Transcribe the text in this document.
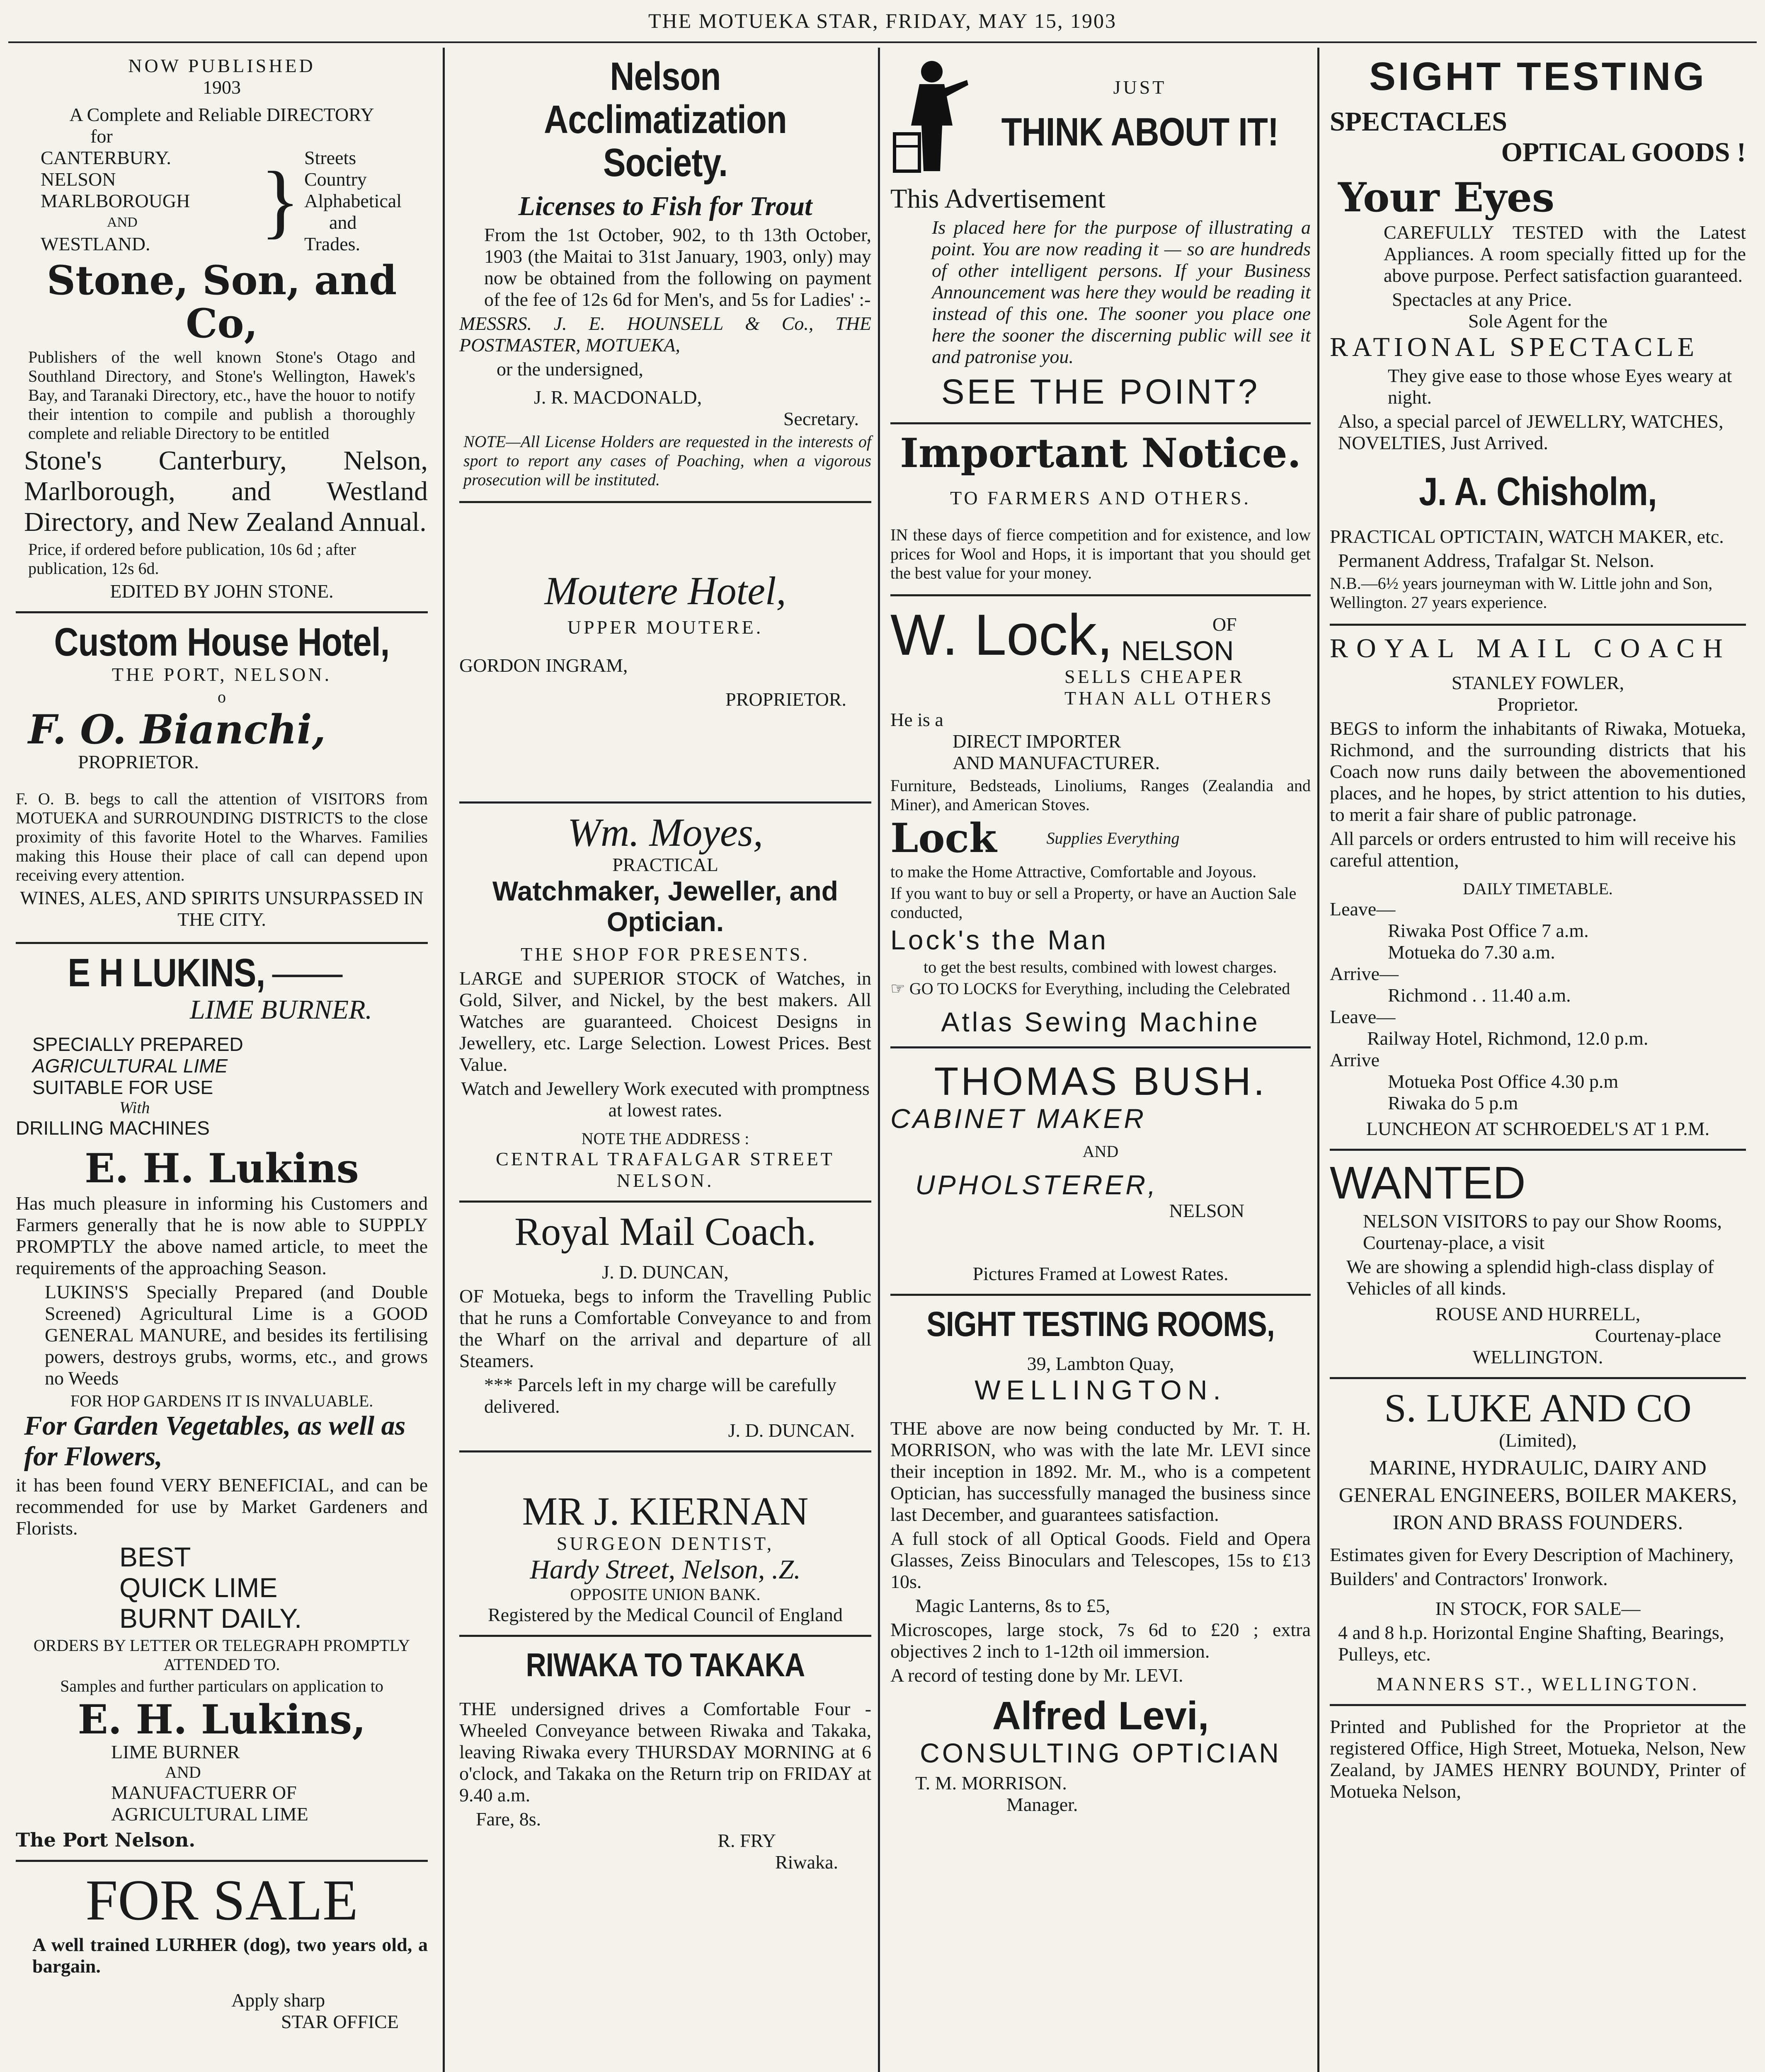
THE MOTUEKA STAR, FRIDAY, MAY 15, 1903
NOW PUBLISHED
1903
A Complete and Reliable DIRECTORY
for
CANTERBURY.
NELSON
MARLBOROUGH
AND
WESTLAND.	} Streets
Country
Alphabetical
and
Trades.
Stone, Son, and Co,

Publishers of the well known Stone's Otago and Southland Directory, and Stone's Wellington, Hawek's Bay, and Taranaki Directory, etc., have the houor to notify their intention to compile and publish a thoroughly complete and reliable Directory to be entitled

Stone's Canterbury, Nelson, Marlborough, and Westland Directory, and New Zealand Annual.

Price, if ordered before publication, 10s 6d ; after publication, 12s 6d.

EDITED BY JOHN STONE.
Custom House Hotel,
THE PORT, NELSON.
o
F. O. Bianchi,
PROPRIETOR.

F. O. B. begs to call the attention of VISITORS from MOTUEKA and SURROUNDING DISTRICTS to the close proximity of this favorite Hotel to the Wharves. Families making this House their place of call can depend upon receiving every attention.

WINES, ALES, AND SPIRITS UNSURPASSED IN THE CITY.

E H LUKINS,
LIME BURNER.
SPECIALLY PREPARED
AGRICULTURAL LIME
SUITABLE FOR USE
With
DRILLING MACHINES
E. H. Lukins

Has much pleasure in informing his Customers and Farmers generally that he is now able to SUPPLY PROMPTLY the above named article, to meet the requirements of the approaching Season.

LUKINS'S Specially Prepared (and Double Screened) Agricultural Lime is a GOOD GENERAL MANURE, and besides its fertilising powers, destroys grubs, worms, etc., and grows no Weeds

FOR HOP GARDENS IT IS INVALUABLE.
For Garden Vegetables, as well as for Flowers,

it has been found VERY BENEFICIAL, and can be recommended for use by Market Gardeners and Florists.

BEST
QUICK LIME
BURNT DAILY.

ORDERS BY LETTER OR TELEGRAPH PROMPTLY ATTENDED TO.

Samples and further particulars on application to

E. H. Lukins,
LIME BURNER
AND
MANUFACTUERR OF
AGRICULTURAL LIME
The Port Nelson.
FOR SALE

A well trained LURHER (dog), two years old, a bargain.

Apply sharp
STAR OFFICE
Nelson Acclimatization Society.
Licenses to Fish for Trout

From the 1st October, 902, to th 13th October, 1903 (the Maitai to 31st January, 1903, only) may now be obtained from the following on payment of the fee of 12s 6d for Men's, and 5s for Ladies' :-

MESSRS. J. E. HOUNSELL & Co., THE POSTMASTER, MOTUEKA,

or the undersigned,
J. R. MACDONALD,
Secretary.

NOTE—All License Holders are requested in the interests of sport to report any cases of Poaching, when a vigorous prosecution will be instituted.

Moutere Hotel,
UPPER MOUTERE.
GORDON INGRAM,
PROPRIETOR.
Wm. Moyes,
PRACTICAL
Watchmaker, Jeweller, and Optician.
THE SHOP FOR PRESENTS.

LARGE and SUPERIOR STOCK of Watches, in Gold, Silver, and Nickel, by the best makers. All Watches are guaranteed. Choicest Designs in Jewellery, etc. Large Selection. Lowest Prices. Best Value.

Watch and Jewellery Work executed with promptness at lowest rates.

NOTE THE ADDRESS :
CENTRAL TRAFALGAR STREET NELSON.
Royal Mail Coach.
J. D. DUNCAN,

OF Motueka, begs to inform the Travelling Public that he runs a Comfortable Conveyance to and from the Wharf on the arrival and departure of all Steamers.

*** Parcels left in my charge will be carefully delivered.

J. D. DUNCAN.
MR J. KIERNAN
SURGEON DENTIST,
Hardy Street, Nelson, .Z.
OPPOSITE UNION BANK.
Registered by the Medical Council of England
RIWAKA TO TAKAKA

THE undersigned drives a Comfortable Four - Wheeled Conveyance between Riwaka and Takaka, leaving Riwaka every THURSDAY MORNING at 6 o'clock, and Takaka on the Return trip on FRIDAY at 9.40 a.m.

Fare, 8s.
R. FRY
Riwaka.
JUST
THINK ABOUT IT!
This Advertisement

Is placed here for the purpose of illustrating a point. You are now reading it — so are hundreds of other intelligent persons. If your Business Announcement was here they would be reading it instead of this one. The sooner you place one here the sooner the discerning public will see it and patronise you.

SEE THE POINT?
Important Notice.
TO FARMERS AND OTHERS.

IN these days of fierce competition and for existence, and low prices for Wool and Hops, it is important that you should get the best value for your money.

W. Lock,	OF
NELSON
SELLS CHEAPER
THAN ALL OTHERS
He is a
DIRECT IMPORTER
AND MANUFACTURER.

Furniture, Bedsteads, Linoliums, Ranges (Zealandia and Miner), and American Stoves.

Lock	Supplies Everything

to make the Home Attractive, Comfortable and Joyous.

If you want to buy or sell a Property, or have an Auction Sale conducted,

Lock's the Man

to get the best results, combined with lowest charges.

☞ GO TO LOCKS for Everything, including the Celebrated

Atlas Sewing Machine
THOMAS BUSH.
CABINET MAKER
AND
UPHOLSTERER,
NELSON
Pictures Framed at Lowest Rates.
SIGHT TESTING ROOMS,
39, Lambton Quay,
WELLINGTON.

THE above are now being conducted by Mr. T. H. MORRISON, who was with the late Mr. LEVI since their inception in 1892. Mr. M., who is a competent Optician, has successfully managed the business since last December, and guarantees satisfaction.

A full stock of all Optical Goods. Field and Opera Glasses, Zeiss Binoculars and Telescopes, 15s to £13 10s.

Magic Lanterns, 8s to £5,

Microscopes, large stock, 7s 6d to £20 ; extra objectives 2 inch to 1-12th oil immersion.

A record of testing done by Mr. LEVI.

Alfred Levi,
CONSULTING OPTICIAN
T. M. MORRISON.
Manager.
SIGHT TESTING
SPECTACLES
OPTICAL GOODS !
Your Eyes

CAREFULLY TESTED with the Latest Appliances. A room specially fitted up for the above purpose. Perfect satisfaction guaranteed.

Spectacles at any Price.
Sole Agent for the
RATIONAL SPECTACLE

They give ease to those whose Eyes weary at night.

Also, a special parcel of JEWELLRY, WATCHES, NOVELTIES, Just Arrived.

J. A. Chisholm,

PRACTICAL OPTICTAIN, WATCH MAKER, etc.

Permanent Address, Trafalgar St. Nelson.

N.B.—6½ years journeyman with W. Little john and Son, Wellington. 27 years experience.

ROYAL MAIL COACH
STANLEY FOWLER,
Proprietor.

BEGS to inform the inhabitants of Riwaka, Motueka, Richmond, and the surrounding districts that his Coach now runs daily between the abovementioned places, and he hopes, by strict attention to his duties, to merit a fair share of public patronage.

All parcels or orders entrusted to him will receive his careful attention,

DAILY TIMETABLE.
Leave—
Riwaka Post Office 7 a.m.
Motueka do 7.30 a.m.
Arrive—
Richmond . . 11.40 a.m.
Leave—
Railway Hotel, Richmond, 12.0 p.m.
Arrive
Motueka Post Office 4.30 p.m
Riwaka do 5 p.m
LUNCHEON AT SCHROEDEL'S AT 1 P.M.
WANTED

NELSON VISITORS to pay our Show Rooms, Courtenay-place, a visit

We are showing a splendid high-class display of Vehicles of all kinds.

ROUSE AND HURRELL,
Courtenay-place
WELLINGTON.
S. LUKE AND CO
(Limited),

MARINE, HYDRAULIC, DAIRY AND GENERAL ENGINEERS, BOILER MAKERS, IRON AND BRASS FOUNDERS.

Estimates given for Every Description of Machinery,

Builders' and Contractors' Ironwork.

IN STOCK, FOR SALE—

4 and 8 h.p. Horizontal Engine Shafting, Bearings, Pulleys, etc.

MANNERS ST., WELLINGTON.

Printed and Published for the Proprietor at the registered Office, High Street, Motueka, Nelson, New Zealand, by JAMES HENRY BOUNDY, Printer of Motueka Nelson,
